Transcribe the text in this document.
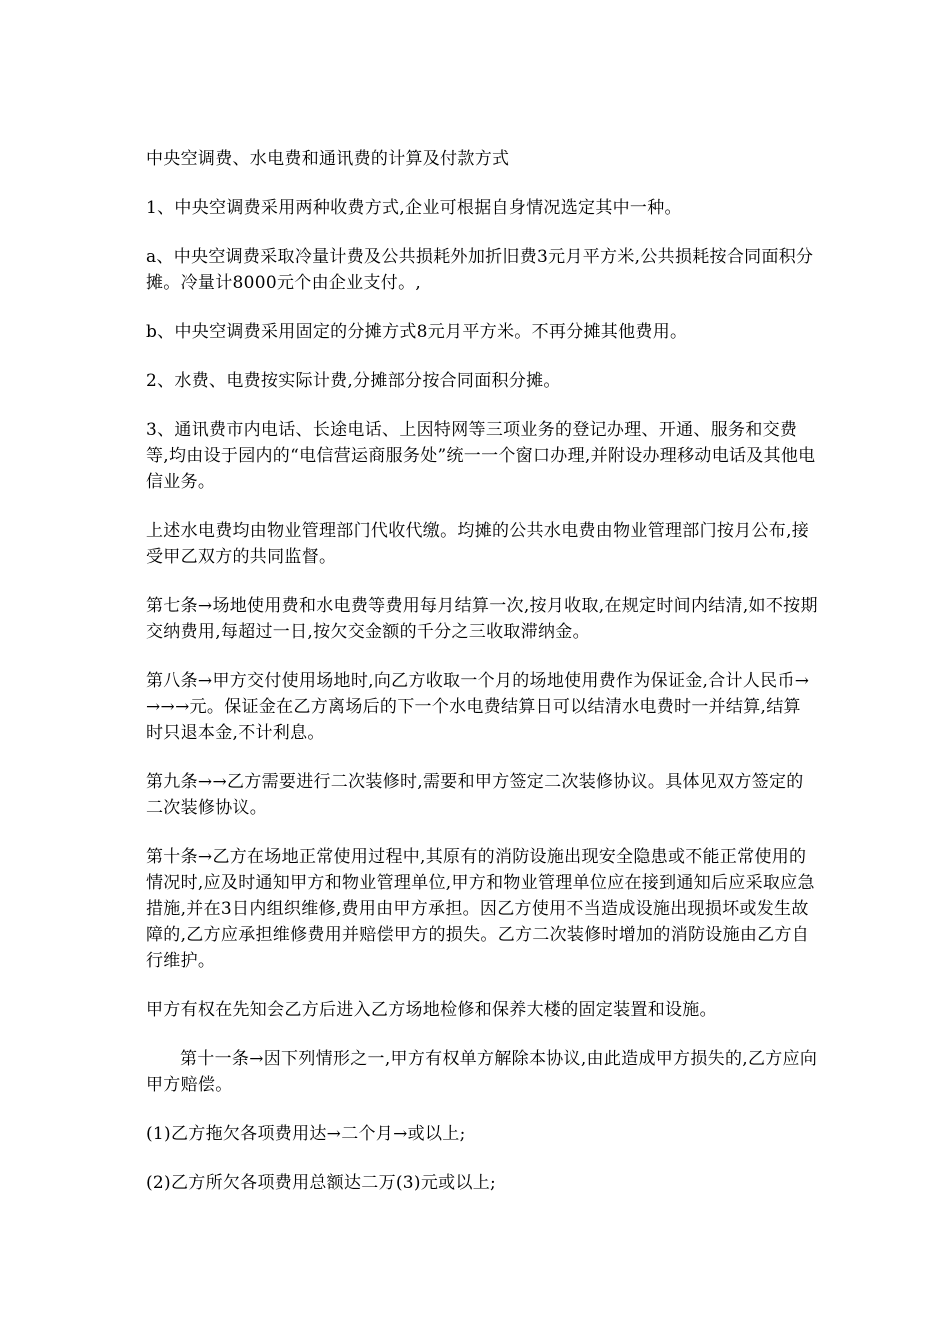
中央空调费、水电费和通讯费的计算及付款方式

1、中央空调费采用两种收费方式,企业可根据自身情况选定其中一种。

a、中央空调费采取冷量计费及公共损耗外加折旧费3元月平方米,公共损耗按合同面积分摊。冷量计8000元个由企业支付。,

b、中央空调费采用固定的分摊方式8元月平方米。不再分摊其他费用。

2、水费、电费按实际计费,分摊部分按合同面积分摊。

3、通讯费市内电话、长途电话、上因特网等三项业务的登记办理、开通、服务和交费等,均由设于园内的“电信营运商服务处”统一一个窗口办理,并附设办理移动电话及其他电信业务。

上述水电费均由物业管理部门代收代缴。均摊的公共水电费由物业管理部门按月公布,接受甲乙双方的共同监督。

第七条→场地使用费和水电费等费用每月结算一次,按月收取,在规定时间内结清,如不按期交纳费用,每超过一日,按欠交金额的千分之三收取滞纳金。

第八条→甲方交付使用场地时,向乙方收取一个月的场地使用费作为保证金,合计人民币→→→→元。保证金在乙方离场后的下一个水电费结算日可以结清水电费时一并结算,结算时只退本金,不计利息。

第九条→→乙方需要进行二次装修时,需要和甲方签定二次装修协议。具体见双方签定的二次装修协议。

第十条→乙方在场地正常使用过程中,其原有的消防设施出现安全隐患或不能正常使用的情况时,应及时通知甲方和物业管理单位,甲方和物业管理单位应在接到通知后应采取应急措施,并在3日内组织维修,费用由甲方承担。因乙方使用不当造成设施出现损坏或发生故障的,乙方应承担维修费用并赔偿甲方的损失。乙方二次装修时增加的消防设施由乙方自行维护。

甲方有权在先知会乙方后进入乙方场地检修和保养大楼的固定装置和设施。

第十一条→因下列情形之一,甲方有权单方解除本协议,由此造成甲方损失的,乙方应向甲方赔偿。

(1)乙方拖欠各项费用达→二个月→或以上;

(2)乙方所欠各项费用总额达二万(3)元或以上;
